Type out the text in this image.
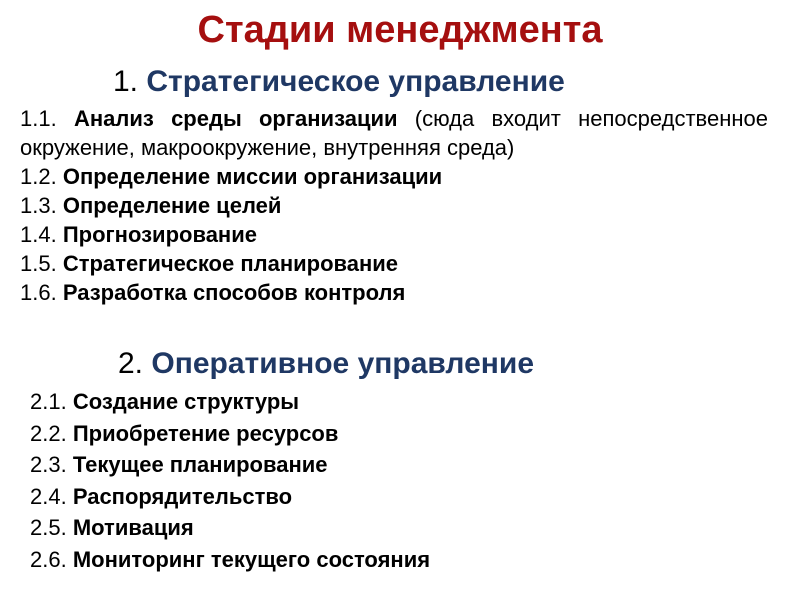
Стадии менеджмента
1. Стратегическое управление
1.1. Анализ среды организации (сюда входит непосредственное окружение, макроокружение, внутренняя среда)
1.2. Определение миссии организации
1.3. Определение целей
1.4. Прогнозирование
1.5. Стратегическое планирование
1.6. Разработка способов контроля
2. Оперативное управление
2.1. Создание структуры
2.2. Приобретение ресурсов
2.3. Текущее планирование
2.4. Распорядительство
2.5. Мотивация
2.6. Мониторинг текущего состояния
